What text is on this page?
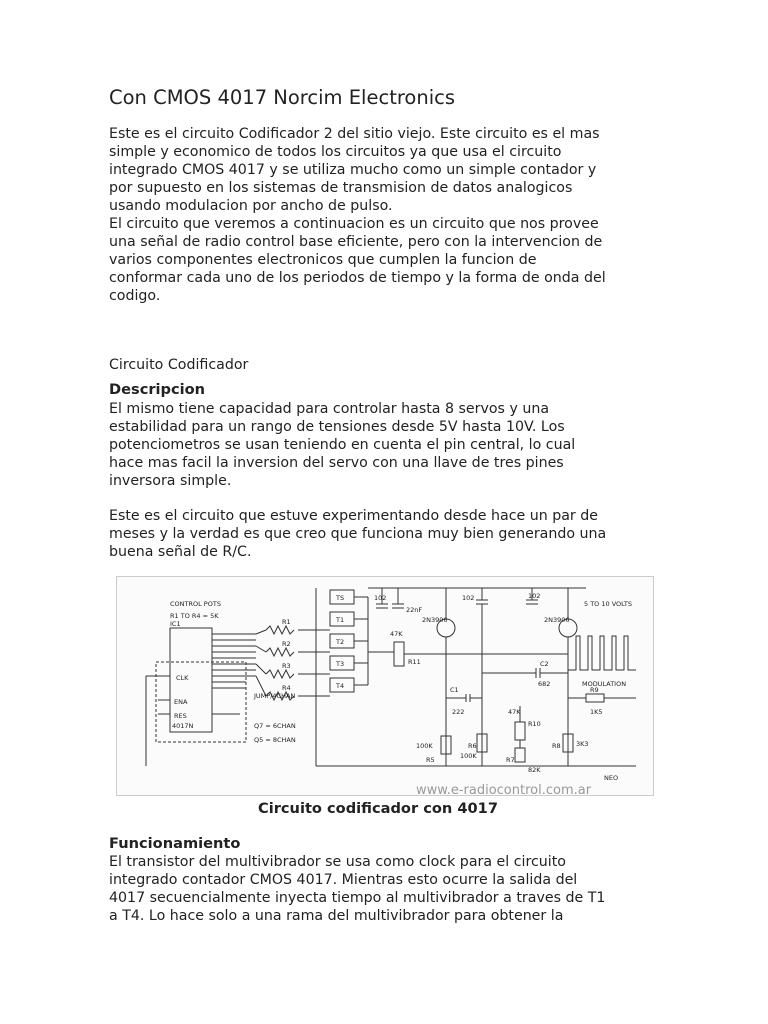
Con CMOS 4017 Norcim Electronics
Este es el circuito Codificador 2 del sitio viejo. Este circuito es el mas
simple y economico de todos los circuitos ya que usa el circuito
integrado CMOS 4017 y se utiliza mucho como un simple contador y
por supuesto en los sistemas de transmision de datos analogicos
usando modulacion por ancho de pulso.
El circuito que veremos a continuacion es un circuito que nos provee
una señal de radio control base eficiente, pero con la intervencion de
varios componentes electronicos que cumplen la funcion de
conformar cada uno de los periodos de tiempo y la forma de onda del
codigo.
Circuito Codificador
Descripcion
El mismo tiene capacidad para controlar hasta 8 servos y una
estabilidad para un rango de tensiones desde 5V hasta 10V. Los
potenciometros se usan teniendo en cuenta el pin central, lo cual
hace mas facil la inversion del servo con una llave de tres pines
inversora simple.
Este es el circuito que estuve experimentando desde hace un par de
meses y la verdad es que creo que funciona muy bien generando una
buena señal de R/C.
CONTROL POTS
R1 TO R4 = 5K
IC1
4017N
ENA
RES
CLK
R1
R2
R3
R4
TS
T1
T2
T3
T4
102
22nF
102	102
2N3906	2N3906
5 TO 10 VOLTS
47K
R11	C2
682
C1
222
MODULATION
R9
1K5
47K
R10
100K
R5	100K
R6
R7
82K
R8 3K3
JUMP/4CHAN
Q7 = 6CHAN
Q5 = 8CHAN
NEO
www.e-radiocontrol.com.ar
Circuito codificador con 4017
Funcionamiento
El transistor del multivibrador se usa como clock para el circuito
integrado contador CMOS 4017. Mientras esto ocurre la salida del
4017 secuencialmente inyecta tiempo al multivibrador a traves de T1
a T4. Lo hace solo a una rama del multivibrador para obtener la
